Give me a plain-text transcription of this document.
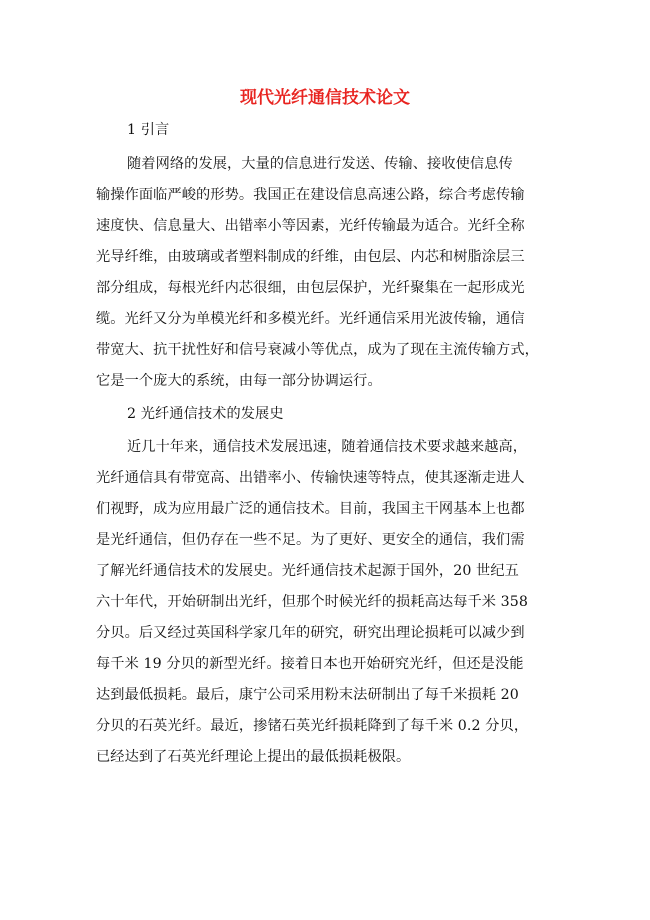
现代光纤通信技术论文
1 引言
随着网络的发展，大量的信息进行发送、传输、接收使信息传
输操作面临严峻的形势。我国正在建设信息高速公路，综合考虑传输
速度快、信息量大、出错率小等因素，光纤传输最为适合。光纤全称
光导纤维，由玻璃或者塑料制成的纤维，由包层、内芯和树脂涂层三
部分组成，每根光纤内芯很细，由包层保护，光纤聚集在一起形成光
缆。光纤又分为单模光纤和多模光纤。光纤通信采用光波传输，通信
带宽大、抗干扰性好和信号衰减小等优点，成为了现在主流传输方式，
它是一个庞大的系统，由每一部分协调运行。
2 光纤通信技术的发展史
近几十年来，通信技术发展迅速，随着通信技术要求越来越高，
光纤通信具有带宽高、出错率小、传输快速等特点，使其逐渐走进人
们视野，成为应用最广泛的通信技术。目前，我国主干网基本上也都
是光纤通信，但仍存在一些不足。为了更好、更安全的通信，我们需
了解光纤通信技术的发展史。光纤通信技术起源于国外，20 世纪五
六十年代，开始研制出光纤，但那个时候光纤的损耗高达每千米 358
分贝。后又经过英国科学家几年的研究，研究出理论损耗可以减少到
每千米 19 分贝的新型光纤。接着日本也开始研究光纤，但还是没能
达到最低损耗。最后，康宁公司采用粉末法研制出了每千米损耗 20
分贝的石英光纤。最近，掺锗石英光纤损耗降到了每千米 0.2 分贝，
已经达到了石英光纤理论上提出的最低损耗极限。
